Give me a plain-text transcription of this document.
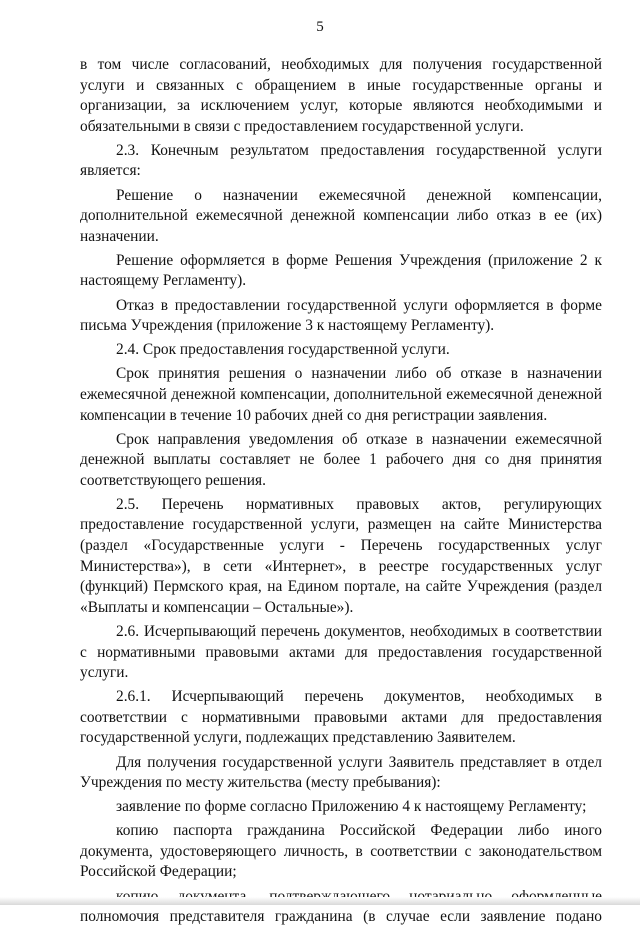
5

в том числе согласований, необходимых для получения государственной услуги и связанных с обращением в иные государственные органы и организации, за исключением услуг, которые являются необходимыми и обязательными в связи с предоставлением государственной услуги.

2.3. Конечным результатом предоставления государственной услуги является:

Решение о назначении ежемесячной денежной компенсации, дополнительной ежемесячной денежной компенсации либо отказ в ее (их) назначении.

Решение оформляется в форме Решения Учреждения (приложение 2 к настоящему Регламенту).

Отказ в предоставлении государственной услуги оформляется в форме письма Учреждения (приложение 3 к настоящему Регламенту).

2.4. Срок предоставления государственной услуги.

Срок принятия решения о назначении либо об отказе в назначении ежемесячной денежной компенсации, дополнительной ежемесячной денежной компенсации в течение 10 рабочих дней со дня регистрации заявления.

Срок направления уведомления об отказе в назначении ежемесячной денежной выплаты составляет не более 1 рабочего дня со дня принятия соответствующего решения.

2.5. Перечень нормативных правовых актов, регулирующих предоставление государственной услуги, размещен на сайте Министерства (раздел «Государственные услуги - Перечень государственных услуг Министерства»), в сети «Интернет», в реестре государственных услуг (функций) Пермского края, на Едином портале, на сайте Учреждения (раздел «Выплаты и компенсации – Остальные»).

2.6. Исчерпывающий перечень документов, необходимых в соответствии с нормативными правовыми актами для предоставления государственной услуги.

2.6.1. Исчерпывающий перечень документов, необходимых в соответствии с нормативными правовыми актами для предоставления государственной услуги, подлежащих представлению Заявителем.

Для получения государственной услуги Заявитель представляет в отдел Учреждения по месту жительства (месту пребывания):

заявление по форме согласно Приложению 4 к настоящему Регламенту;

копию паспорта гражданина Российской Федерации либо иного документа, удостоверяющего личность, в соответствии с законодательством Российской Федерации;

полномочия представителя гражданина (в случае если заявление подано
